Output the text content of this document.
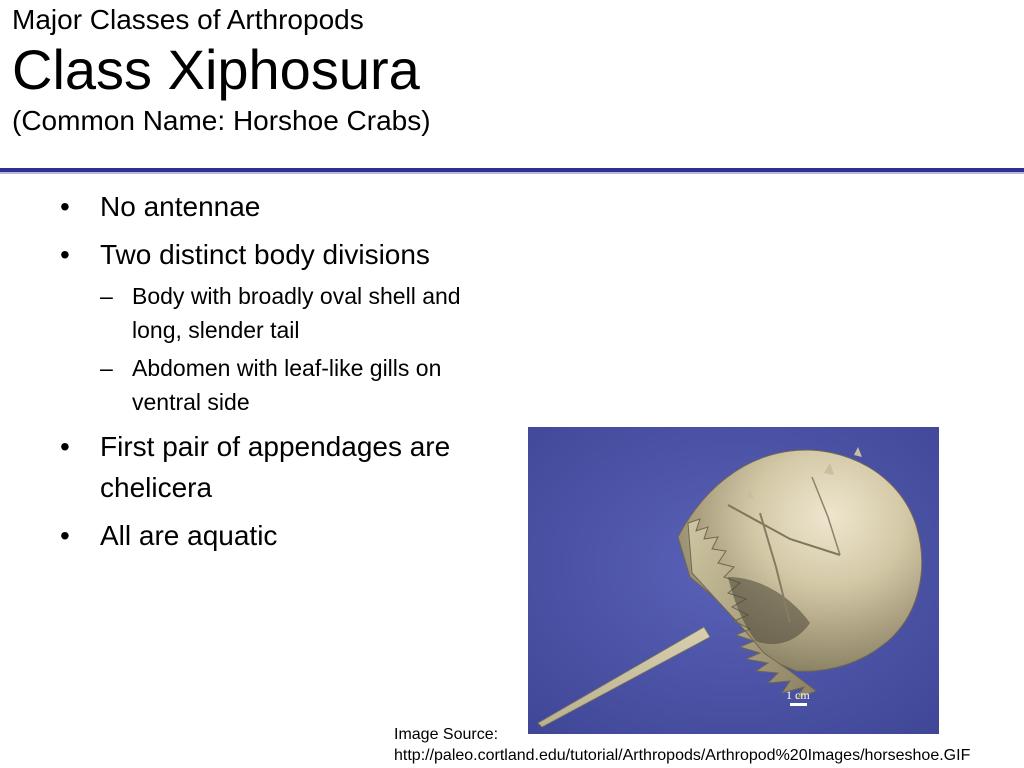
Major Classes of Arthropods
Class Xiphosura
(Common Name: Horshoe Crabs)
• No antennae
• Two distinct body divisions
– Body with broadly oval shell and long, slender tail
– Abdomen with leaf-like gills on ventral side
• First pair of appendages are chelicera
• All are aquatic
1 cm
Image Source:
http://paleo.cortland.edu/tutorial/Arthropods/Arthropod%20Images/horseshoe.GIF
